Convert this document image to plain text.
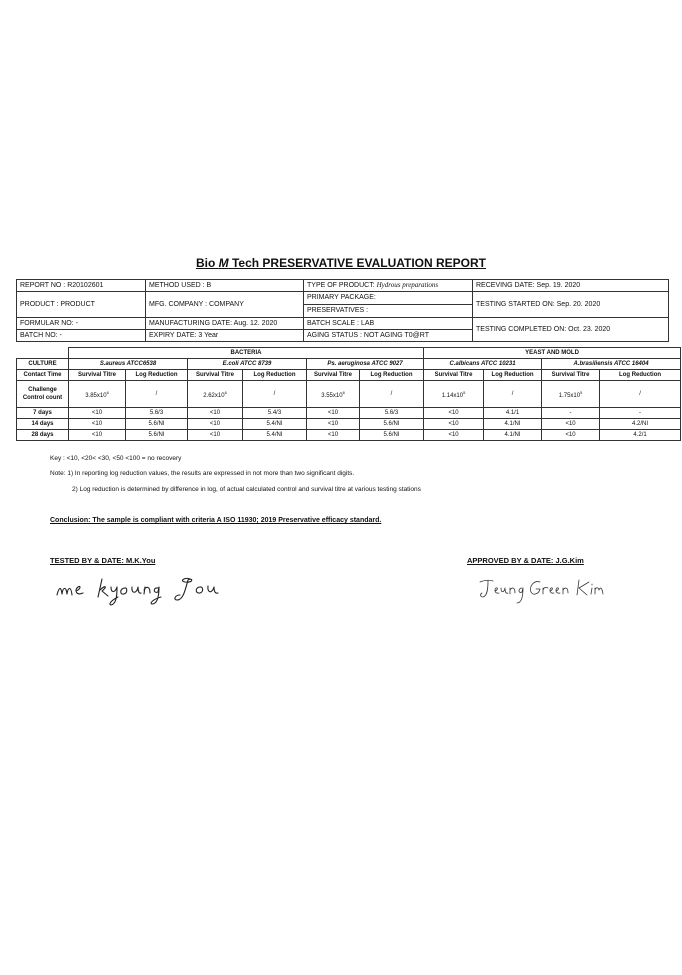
Bio M Tech PRESERVATIVE EVALUATION REPORT
REPORT NO : R20102601	METHOD USED : B	TYPE OF PRODUCT: Hydrous preparations	RECEVING DATE: Sep. 19. 2020
PRODUCT : PRODUCT	MFG. COMPANY : COMPANY	PRIMARY PACKAGE:
PRESERVATIVES :	TESTING STARTED ON: Sep. 20. 2020
FORMULAR NO: -	MANUFACTURING DATE: Aug. 12. 2020	BATCH SCALE : LAB	TESTING COMPLETED ON: Oct. 23. 2020
BATCH NO: -	EXPIRY DATE: 3 Year	AGING STATUS : NOT AGING T0@RT	
	BACTERIA						YEAST AND MOLD			
CULTURE	S.aureus ATCC6538		E.coli ATCC 8739		Ps. aeruginosa ATCC 9027		C.albicans ATCC 10231		A.brasiliensis ATCC 16404	
Contact Time	Survival Titre	Log Reduction	Survival Titre	Log Reduction	Survival Titre	Log Reduction	Survival Titre	Log Reduction	Survival Titre	Log Reduction
Challenge
Control count	$3.85x10^6$	/	$2.62x10^6$	/	$3.55x10^6$	/	$1.14x10^5$	/	$1.75x10^5$	/
7 days	<10	5.6/3	<10	5.4/3	<10	5.6/3	<10	4.1/1	-	-
14 days	<10	5.6/NI	<10	5.4/NI	<10	5.6/NI	<10	4.1/NI	<10	4.2/NI
28 days	<10	5.6/NI	<10	5.4/NI	<10	5.6/NI	<10	4.1/NI	<10	4.2/1
Key : <10, <20< <30, <50 <100 = no recovery
Note: 1) In reporting log reduction values, the results are expressed in not more than two significant digits.
2) Log reduction is determined by difference in log, of actual calculated control and survival titre at various testing stations
Conclusion: The sample is compliant with criteria A ISO 11930; 2019 Preservative efficacy standard.
TESTED BY & DATE: M.K.You	APPROVED BY & DATE: J.G.Kim
